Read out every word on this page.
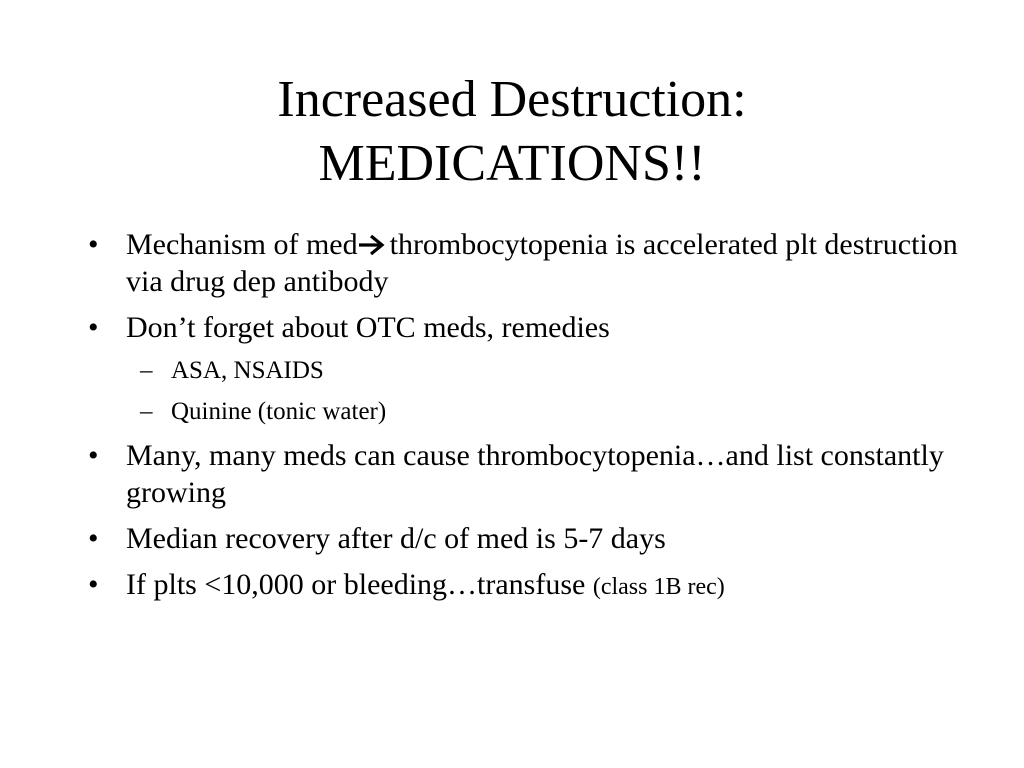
Increased Destruction:
MEDICATIONS!!
• Mechanism of med thrombocytopenia is accelerated plt destruction via drug dep antibody
• Don’t forget about OTC meds, remedies
– ASA, NSAIDS
– Quinine (tonic water)
• Many, many meds can cause thrombocytopenia…and list constantly growing
• Median recovery after d/c of med is 5-7 days
• If plts <10,000 or bleeding…transfuse (class 1B rec)
